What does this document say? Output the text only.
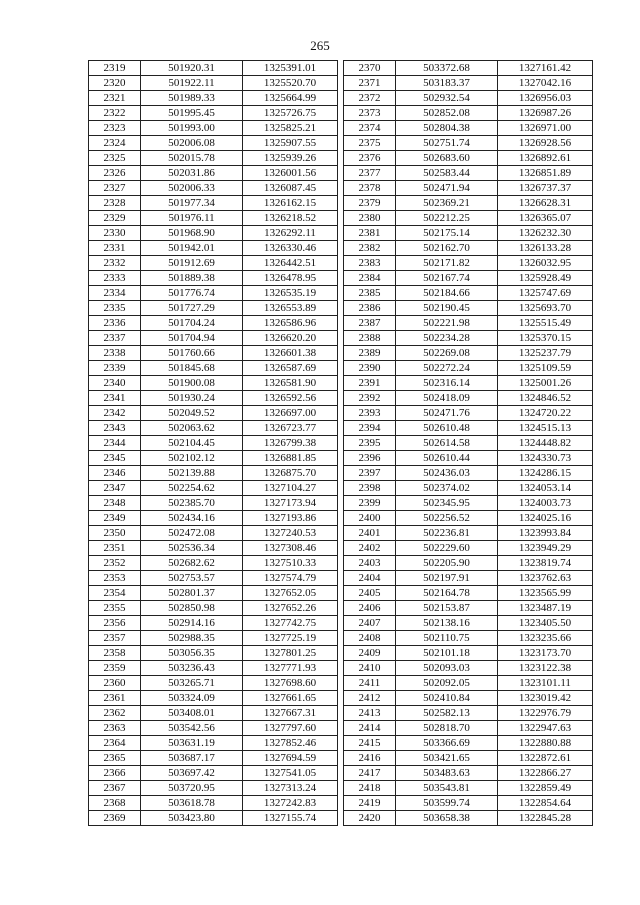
265
2319	501920.31	1325391.01
2320	501922.11	1325520.70
2321	501989.33	1325664.99
2322	501995.45	1325726.75
2323	501993.00	1325825.21
2324	502006.08	1325907.55
2325	502015.78	1325939.26
2326	502031.86	1326001.56
2327	502006.33	1326087.45
2328	501977.34	1326162.15
2329	501976.11	1326218.52
2330	501968.90	1326292.11
2331	501942.01	1326330.46
2332	501912.69	1326442.51
2333	501889.38	1326478.95
2334	501776.74	1326535.19
2335	501727.29	1326553.89
2336	501704.24	1326586.96
2337	501704.94	1326620.20
2338	501760.66	1326601.38
2339	501845.68	1326587.69
2340	501900.08	1326581.90
2341	501930.24	1326592.56
2342	502049.52	1326697.00
2343	502063.62	1326723.77
2344	502104.45	1326799.38
2345	502102.12	1326881.85
2346	502139.88	1326875.70
2347	502254.62	1327104.27
2348	502385.70	1327173.94
2349	502434.16	1327193.86
2350	502472.08	1327240.53
2351	502536.34	1327308.46
2352	502682.62	1327510.33
2353	502753.57	1327574.79
2354	502801.37	1327652.05
2355	502850.98	1327652.26
2356	502914.16	1327742.75
2357	502988.35	1327725.19
2358	503056.35	1327801.25
2359	503236.43	1327771.93
2360	503265.71	1327698.60
2361	503324.09	1327661.65
2362	503408.01	1327667.31
2363	503542.56	1327797.60
2364	503631.19	1327852.46
2365	503687.17	1327694.59
2366	503697.42	1327541.05
2367	503720.95	1327313.24
2368	503618.78	1327242.83
2369	503423.80	1327155.74
2370	503372.68	1327161.42
2371	503183.37	1327042.16
2372	502932.54	1326956.03
2373	502852.08	1326987.26
2374	502804.38	1326971.00
2375	502751.74	1326928.56
2376	502683.60	1326892.61
2377	502583.44	1326851.89
2378	502471.94	1326737.37
2379	502369.21	1326628.31
2380	502212.25	1326365.07
2381	502175.14	1326232.30
2382	502162.70	1326133.28
2383	502171.82	1326032.95
2384	502167.74	1325928.49
2385	502184.66	1325747.69
2386	502190.45	1325693.70
2387	502221.98	1325515.49
2388	502234.28	1325370.15
2389	502269.08	1325237.79
2390	502272.24	1325109.59
2391	502316.14	1325001.26
2392	502418.09	1324846.52
2393	502471.76	1324720.22
2394	502610.48	1324515.13
2395	502614.58	1324448.82
2396	502610.44	1324330.73
2397	502436.03	1324286.15
2398	502374.02	1324053.14
2399	502345.95	1324003.73
2400	502256.52	1324025.16
2401	502236.81	1323993.84
2402	502229.60	1323949.29
2403	502205.90	1323819.74
2404	502197.91	1323762.63
2405	502164.78	1323565.99
2406	502153.87	1323487.19
2407	502138.16	1323405.50
2408	502110.75	1323235.66
2409	502101.18	1323173.70
2410	502093.03	1323122.38
2411	502092.05	1323101.11
2412	502410.84	1323019.42
2413	502582.13	1322976.79
2414	502818.70	1322947.63
2415	503366.69	1322880.88
2416	503421.65	1322872.61
2417	503483.63	1322866.27
2418	503543.81	1322859.49
2419	503599.74	1322854.64
2420	503658.38	1322845.28
